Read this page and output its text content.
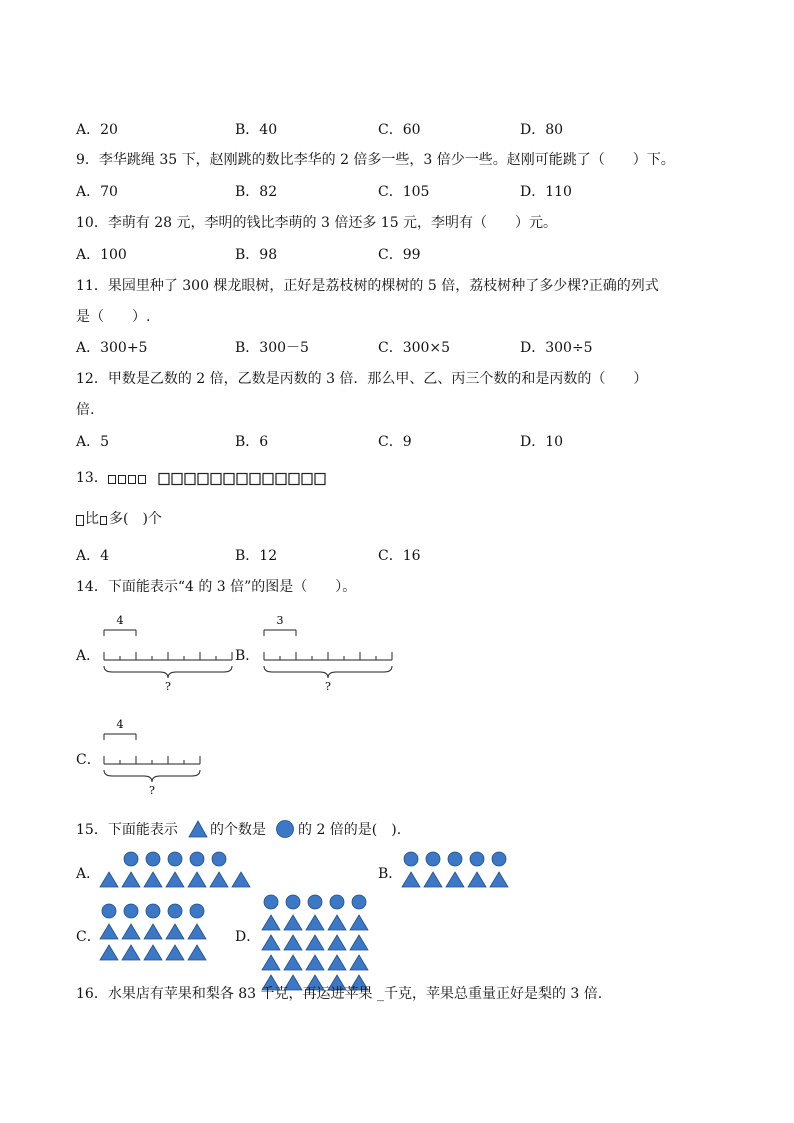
A．20	B．40	C．60	D．80
9．李华跳绳 35 下，赵刚跳的数比李华的 2 倍多一些，3 倍少一些。赵刚可能跳了（　　）下。
A．70	B．82	C．105	D．110
10．李萌有 28 元，李明的钱比李萌的 3 倍还多 15 元，李明有（　　）元。
A．100	B．98	C．99
11．果园里种了 300 棵龙眼树，正好是荔枝树的棵树的 5 倍，荔枝树种了多少棵?正确的列式
是（　　）.
A．300+5	B．300－5	C．300×5	D．300÷5
12．甲数是乙数的 2 倍，乙数是丙数的 3 倍．那么甲、乙、丙三个数的和是丙数的（　　）
倍.
A．5	B．6	C．9	D．10
13．
比 多(　)个
A．4	B．12	C．16
14．下面能表示“4 的 3 倍”的图是（　　）。
A．
4
?
B．
3
?
C．
4
?
15．下面能表示 的个数是 的 2 倍的是(　).
A．	B．
C．	D．
16．水果店有苹果和梨各 83 千克，再运进苹果 _千克，苹果总重量正好是梨的 3 倍.
